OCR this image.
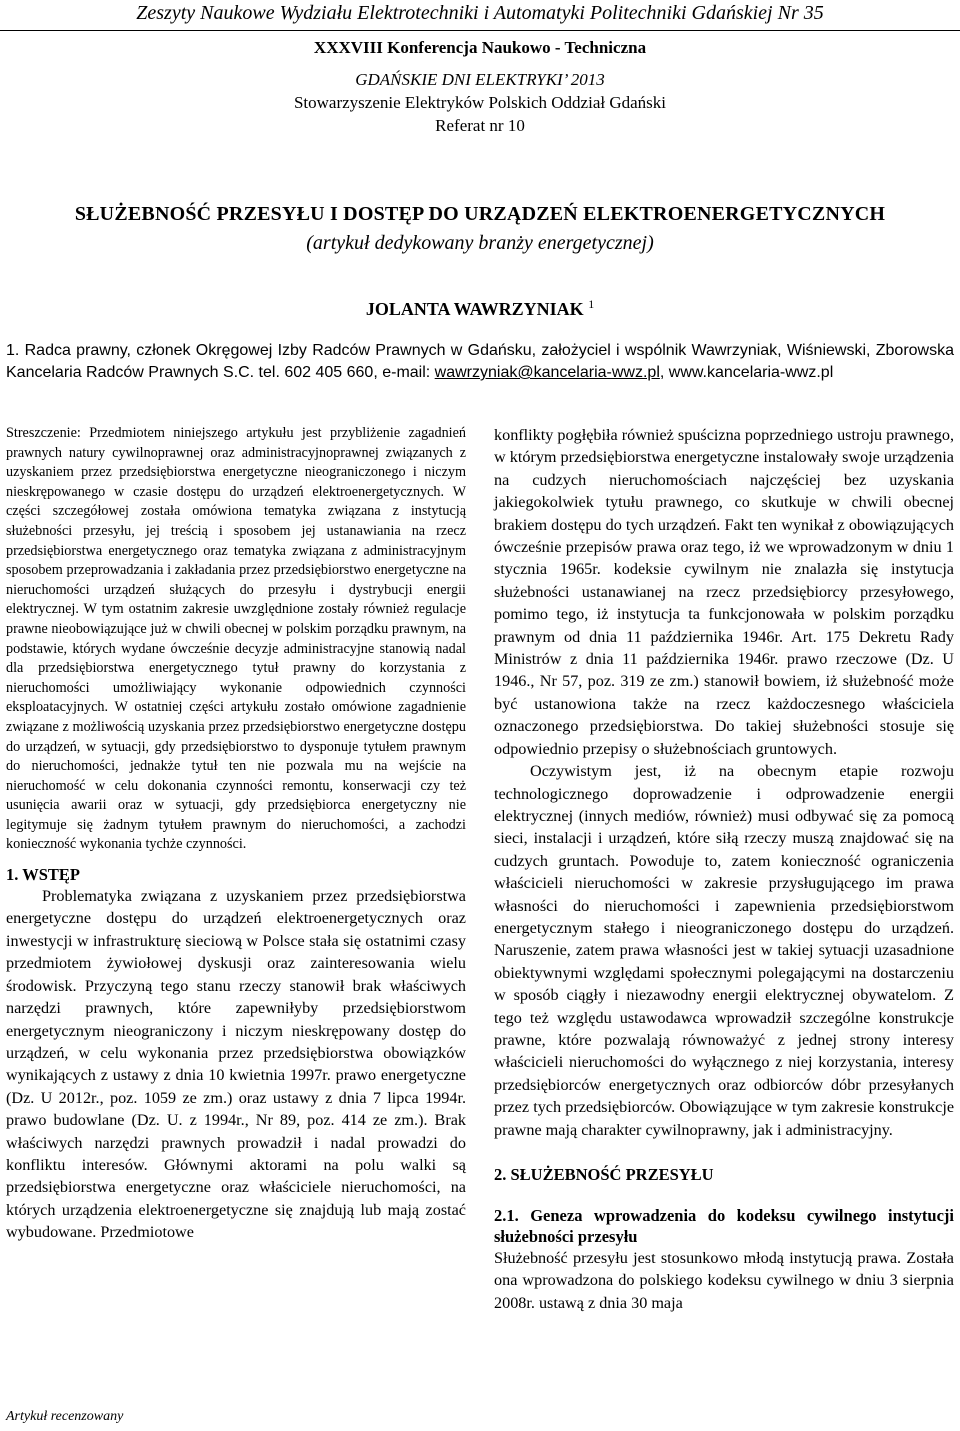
Zeszyty Naukowe Wydziału Elektrotechniki i Automatyki Politechniki Gdańskiej Nr 35
XXXVIII Konferencja Naukowo - Techniczna
GDAŃSKIE DNI ELEKTRYKI’ 2013
Stowarzyszenie Elektryków Polskich Oddział Gdański
Referat nr 10
SŁUŻEBNOŚĆ PRZESYŁU I DOSTĘP DO URZĄDZEŃ ELEKTROENERGETYCZNYCH
(artykuł dedykowany branży energetycznej)
JOLANTA WAWRZYNIAK $^1$
1. Radca prawny, członek Okręgowej Izby Radców Prawnych w Gdańsku, założyciel i wspólnik Wawrzyniak, Wiśniewski, Zborowska Kancelaria Radców Prawnych S.C. tel. 602 405 660, e-mail: wawrzyniak@kancelaria-wwz.pl, www.kancelaria-wwz.pl

Streszczenie: Przedmiotem niniejszego artykułu jest przybliżenie zagadnień prawnych natury cywilnoprawnej oraz administracyjnoprawnej związanych z uzyskaniem przez przedsiębiorstwa energetyczne nieograniczonego i niczym nieskrępowanego w czasie dostępu do urządzeń elektroenergetycznych. W części szczegółowej została omówiona tematyka związana z instytucją służebności przesyłu, jej treścią i sposobem jej ustanawiania na rzecz przedsiębiorstwa energetycznego oraz tematyka związana z administracyjnym sposobem przeprowadzania i zakładania przez przedsiębiorstwo energetyczne na nieruchomości urządzeń służących do przesyłu i dystrybucji energii elektrycznej. W tym ostatnim zakresie uwzględnione zostały również regulacje prawne nieobowiązujące już w chwili obecnej w polskim porządku prawnym, na podstawie, których wydane ówcześnie decyzje administracyjne stanowią nadal dla przedsiębiorstwa energetycznego tytuł prawny do korzystania z nieruchomości umożliwiający wykonanie odpowiednich czynności eksploatacyjnych. W ostatniej części artykułu zostało omówione zagadnienie związane z możliwością uzyskania przez przedsiębiorstwo energetyczne dostępu do urządzeń, w sytuacji, gdy przedsiębiorstwo to dysponuje tytułem prawnym do nieruchomości, jednakże tytuł ten nie pozwala mu na wejście na nieruchomość w celu dokonania czynności remontu, konserwacji czy też usunięcia awarii oraz w sytuacji, gdy przedsiębiorca energetyczny nie legitymuje się żadnym tytułem prawnym do nieruchomości, a zachodzi konieczność wykonania tychże czynności.

1. WSTĘP

Problematyka związana z uzyskaniem przez przedsiębiorstwa energetyczne dostępu do urządzeń elektroenergetycznych oraz inwestycji w infrastrukturę sieciową w Polsce stała się ostatnimi czasy przedmiotem żywiołowej dyskusji oraz zainteresowania wielu środowisk. Przyczyną tego stanu rzeczy stanowił brak właściwych narzędzi prawnych, które zapewniłyby przedsiębiorstwom energetycznym nieograniczony i niczym nieskrępowany dostęp do urządzeń, w celu wykonania przez przedsiębiorstwa obowiązków wynikających z ustawy z dnia 10 kwietnia 1997r. prawo energetyczne (Dz. U 2012r., poz. 1059 ze zm.) oraz ustawy z dnia 7 lipca 1994r. prawo budowlane (Dz. U. z 1994r., Nr 89, poz. 414 ze zm.). Brak właściwych narzędzi prawnych prowadził i nadal prowadzi do konfliktu interesów. Głównymi aktorami na polu walki są przedsiębiorstwa energetyczne oraz właściciele nieruchomości, na których urządzenia elektroenergetyczne się znajdują lub mają zostać wybudowane. Przedmiotowe

konflikty pogłębiła również spuścizna poprzedniego ustroju prawnego, w którym przedsiębiorstwa energetyczne instalowały swoje urządzenia na cudzych nieruchomościach najczęściej bez uzyskania jakiegokolwiek tytułu prawnego, co skutkuje w chwili obecnej brakiem dostępu do tych urządzeń. Fakt ten wynikał z obowiązujących ówcześnie przepisów prawa oraz tego, iż we wprowadzonym w dniu 1 stycznia 1965r. kodeksie cywilnym nie znalazła się instytucja służebności ustanawianej na rzecz przedsiębiorcy przesyłowego, pomimo tego, iż instytucja ta funkcjonowała w polskim porządku prawnym od dnia 11 października 1946r. Art. 175 Dekretu Rady Ministrów z dnia 11 października 1946r. prawo rzeczowe (Dz. U 1946., Nr 57, poz. 319 ze zm.) stanowił bowiem, iż służebność może być ustanowiona także na rzecz każdoczesnego właściciela oznaczonego przedsiębiorstwa. Do takiej służebności stosuje się odpowiednio przepisy o służebnościach gruntowych.

Oczywistym jest, iż na obecnym etapie rozwoju technologicznego doprowadzenie i odprowadzenie energii elektrycznej (innych mediów, również) musi odbywać się za pomocą sieci, instalacji i urządzeń, które siłą rzeczy muszą znajdować się na cudzych gruntach. Powoduje to, zatem konieczność ograniczenia właścicieli nieruchomości w zakresie przysługującego im prawa własności do nieruchomości i zapewnienia przedsiębiorstwom energetycznym stałego i nieograniczonego dostępu do urządzeń. Naruszenie, zatem prawa własności jest w takiej sytuacji uzasadnione obiektywnymi względami społecznymi polegającymi na dostarczeniu w sposób ciągły i niezawodny energii elektrycznej obywatelom. Z tego też względu ustawodawca wprowadził szczególne konstrukcje prawne, które pozwalają równoważyć z jednej strony interesy właścicieli nieruchomości do wyłącznego z niej korzystania, interesy przedsiębiorców energetycznych oraz odbiorców dóbr przesyłanych przez tych przedsiębiorców. Obowiązujące w tym zakresie konstrukcje prawne mają charakter cywilnoprawny, jak i administracyjny.

2. SŁUŻEBNOŚĆ PRZESYŁU

2.1. Geneza wprowadzenia do kodeksu cywilnego instytucji służebności przesyłu

Służebność przesyłu jest stosunkowo młodą instytucją prawa. Została ona wprowadzona do polskiego kodeksu cywilnego w dniu 3 sierpnia 2008r. ustawą z dnia 30 maja

Artykuł recenzowany
